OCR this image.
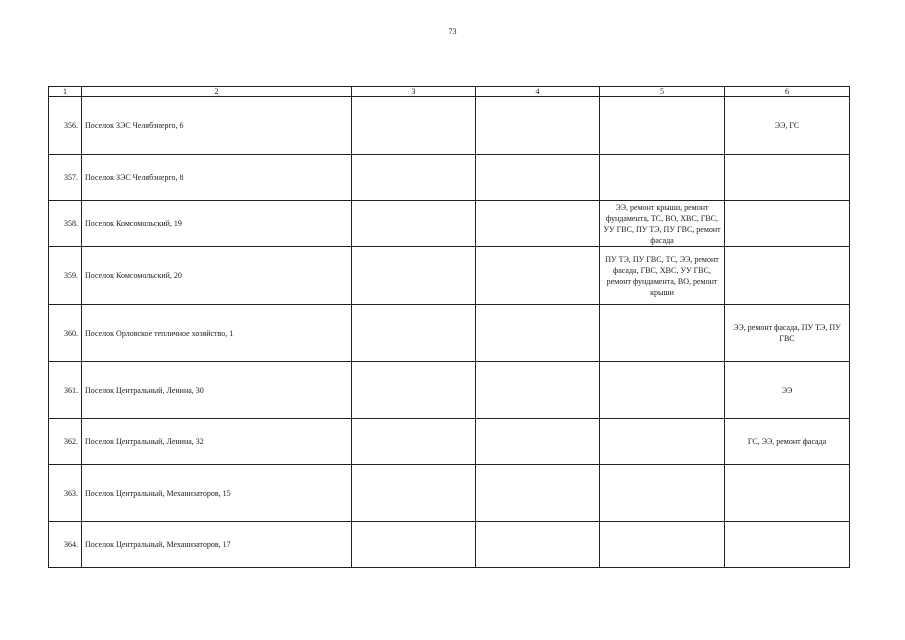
73
1	2	3	4	5	6
356.	Поселок ЗЭС Челябэнерго, 6				ЭЭ, ГС
357.	Поселок ЗЭС Челябэнерго, 8				
358.	Поселок Комсомольский, 19			ЭЭ, ремонт крыши, ремонт фундамента, ТС, ВО, ХВС, ГВС, УУ ГВС, ПУ ТЭ, ПУ ГВС, ремонт фасада	
359.	Поселок Комсомольский, 20			ПУ ТЭ, ПУ ГВС, ТС, ЭЭ, ремонт фасада, ГВС, ХВС, УУ ГВС, ремонт фундамента, ВО, ремонт крыши	
360.	Поселок Орловское тепличное хозяйство, 1				ЭЭ, ремонт фасада, ПУ ТЭ, ПУ ГВС
361.	Поселок Центральный, Ленина, 30				ЭЭ
362.	Поселок Центральный, Ленина, 32				ГС, ЭЭ, ремонт фасада
363.	Поселок Центральный, Механизаторов, 15				
364.	Поселок Центральный, Механизаторов, 17				
